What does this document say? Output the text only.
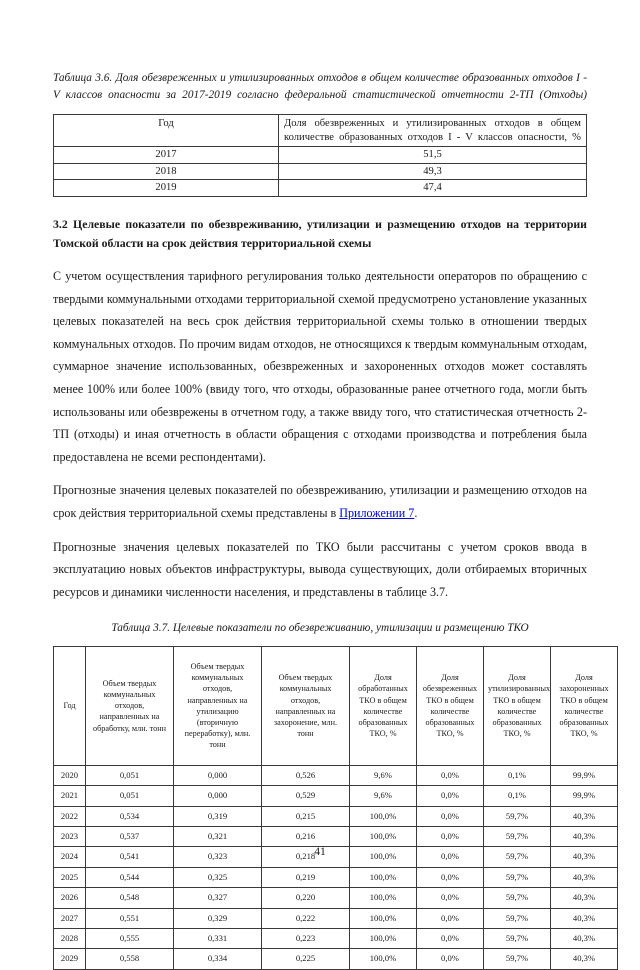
Таблица 3.6. Доля обезвреженных и утилизированных отходов в общем количестве образованных отходов I - V классов опасности за 2017-2019 согласно федеральной статистической отчетности 2-ТП (Отходы)
Год	Доля обезвреженных и утилизированных отходов в общем количестве образованных отходов I - V классов опасности, %
2017	51,5
2018	49,3
2019	47,4
3.2 Целевые показатели по обезвреживанию, утилизации и размещению отходов на территории Томской области на срок действия территориальной схемы

С учетом осуществления тарифного регулирования только деятельности операторов по обращению с твердыми коммунальными отходами территориальной схемой предусмотрено установление указанных целевых показателей на весь срок действия территориальной схемы только в отношении твердых коммунальных отходов. По прочим видам отходов, не относящихся к твердым коммунальным отходам, суммарное значение использованных, обезвреженных и захороненных отходов может составлять менее 100% или более 100% (ввиду того, что отходы, образованные ранее отчетного года, могли быть использованы или обезврежены в отчетном году, а также ввиду того, что статистическая отчетность 2-ТП (отходы) и иная отчетность в области обращения с отходами производства и потребления была предоставлена не всеми респондентами).

Прогнозные значения целевых показателей по обезвреживанию, утилизации и размещению отходов на срок действия территориальной схемы представлены в Приложении 7.

Прогнозные значения целевых показателей по ТКО были рассчитаны с учетом сроков ввода в эксплуатацию новых объектов инфраструктуры, вывода существующих, доли отбираемых вторичных ресурсов и динамики численности населения, и представлены в таблице 3.7.

Таблица 3.7. Целевые показатели по обезвреживанию, утилизации и размещению ТКО
Год	Объем твердых коммунальных отходов, направленных на обработку, млн. тонн	Объем твердых коммунальных отходов, направленных на утилизацию (вторичную переработку), млн. тонн	Объем твердых коммунальных отходов, направленных на захоронение, млн. тонн	Доля обработанных ТКО в общем количестве образованных ТКО, %	Доля обезвреженных ТКО в общем количестве образованных ТКО, %	Доля утилизированных ТКО в общем количестве образованных ТКО, %	Доля захороненных ТКО в общем количестве образованных ТКО, %
2020	0,051	0,000	0,526	9,6%	0,0%	0,1%	99,9%
2021	0,051	0,000	0,529	9,6%	0,0%	0,1%	99,9%
2022	0,534	0,319	0,215	100,0%	0,0%	59,7%	40,3%
2023	0,537	0,321	0,216	100,0%	0,0%	59,7%	40,3%
2024	0,541	0,323	0,218	100,0%	0,0%	59,7%	40,3%
2025	0,544	0,325	0,219	100,0%	0,0%	59,7%	40,3%
2026	0,548	0,327	0,220	100,0%	0,0%	59,7%	40,3%
2027	0,551	0,329	0,222	100,0%	0,0%	59,7%	40,3%
2028	0,555	0,331	0,223	100,0%	0,0%	59,7%	40,3%
2029	0,558	0,334	0,225	100,0%	0,0%	59,7%	40,3%
41
